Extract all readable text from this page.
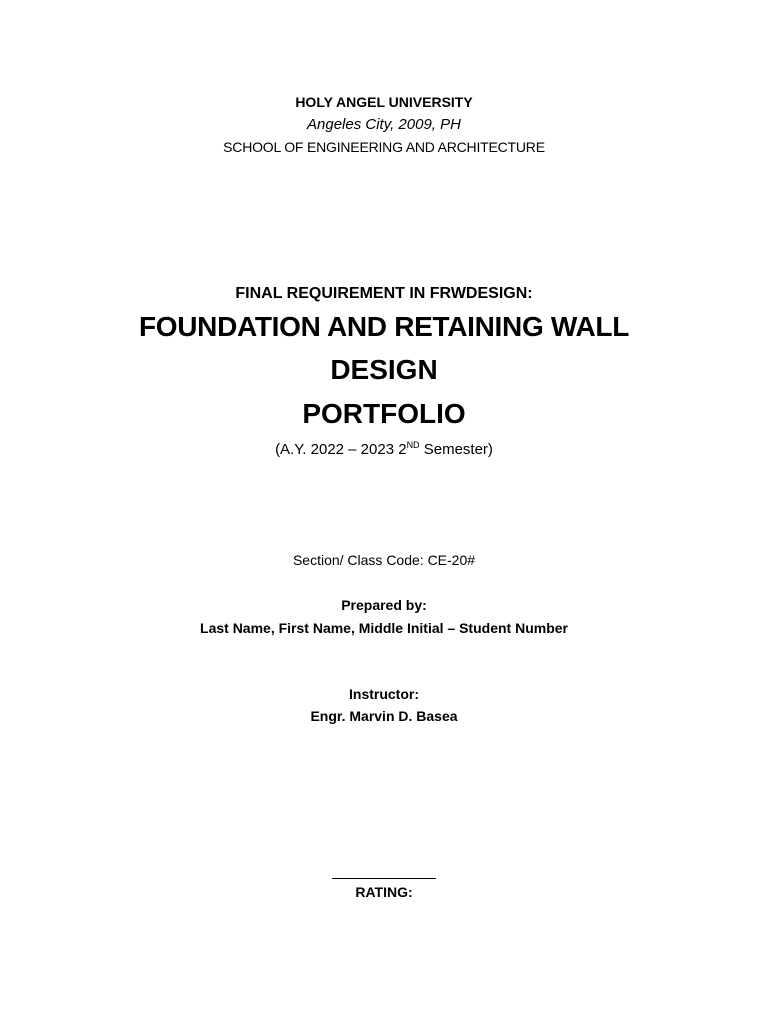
HOLY ANGEL UNIVERSITY
Angeles City, 2009, PH
SCHOOL OF ENGINEERING AND ARCHITECTURE
FINAL REQUIREMENT IN FRWDESIGN:
FOUNDATION AND RETAINING WALL
DESIGN
PORTFOLIO
(A.Y. 2022 – 2023 2ND Semester)
Section/ Class Code: CE-20#
Prepared by:
Last Name, First Name, Middle Initial – Student Number
Instructor:
Engr. Marvin D. Basea
RATING:
